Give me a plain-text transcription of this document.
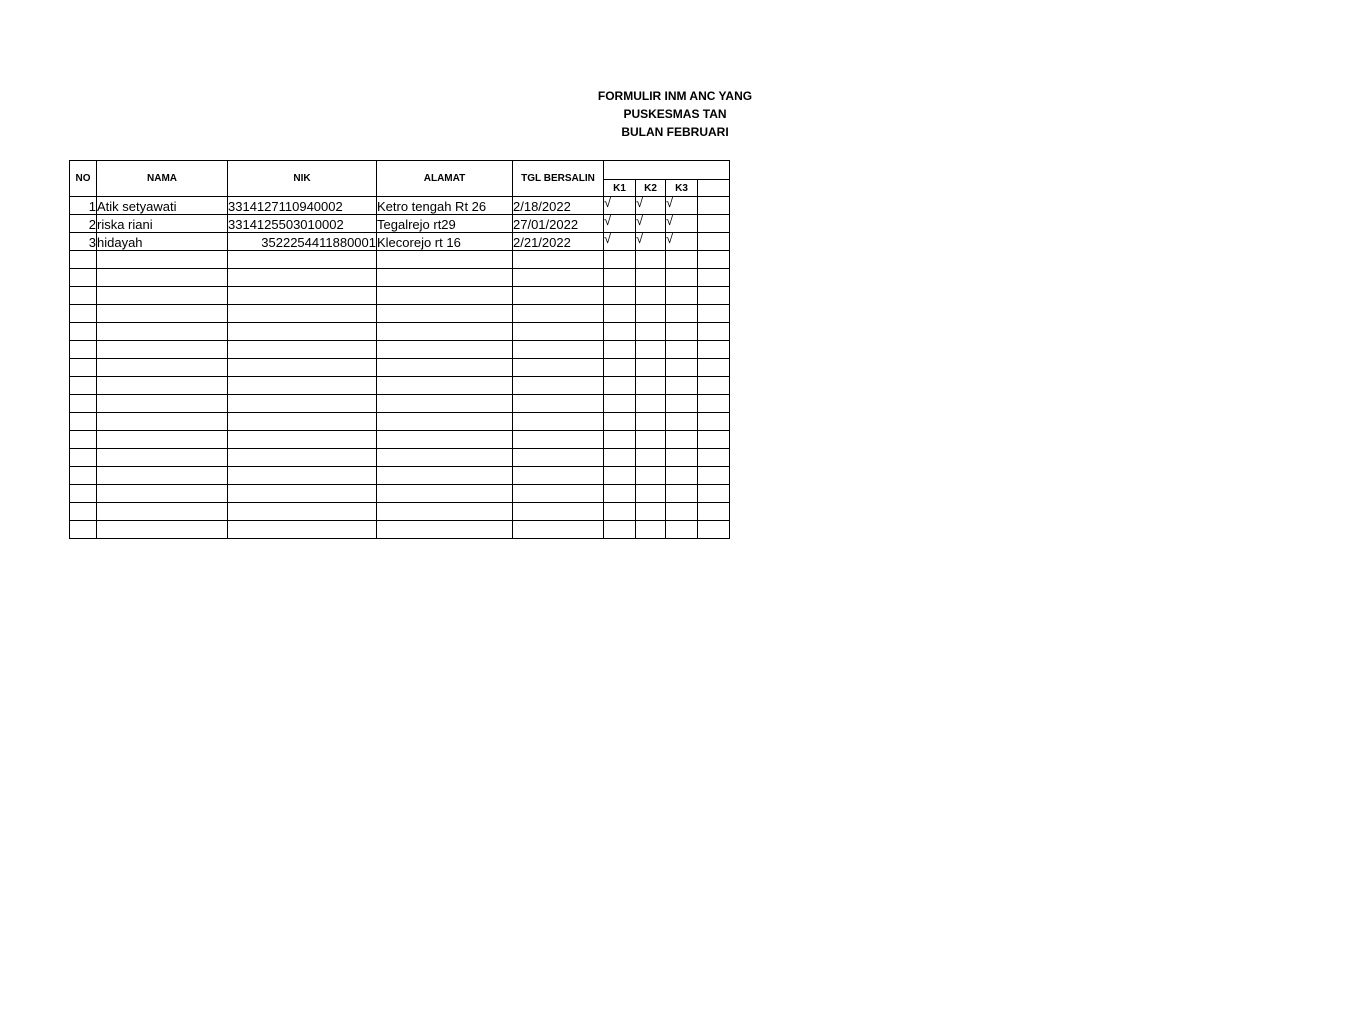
FORMULIR INM ANC YANG
PUSKESMAS TAN
BULAN FEBRUARI
NO	NAMA	NIK	ALAMAT	TGL BERSALIN				
					K1	K2	K3	
1	Atik setyawati	3314127110940002	Ketro tengah Rt 26	2/18/2022	√	√	√	
2	riska riani	3314125503010002	Tegalrejo rt29	27/01/2022	√	√	√	
3	hidayah	3522254411880001	Klecorejo rt 16	2/21/2022	√	√	√	
